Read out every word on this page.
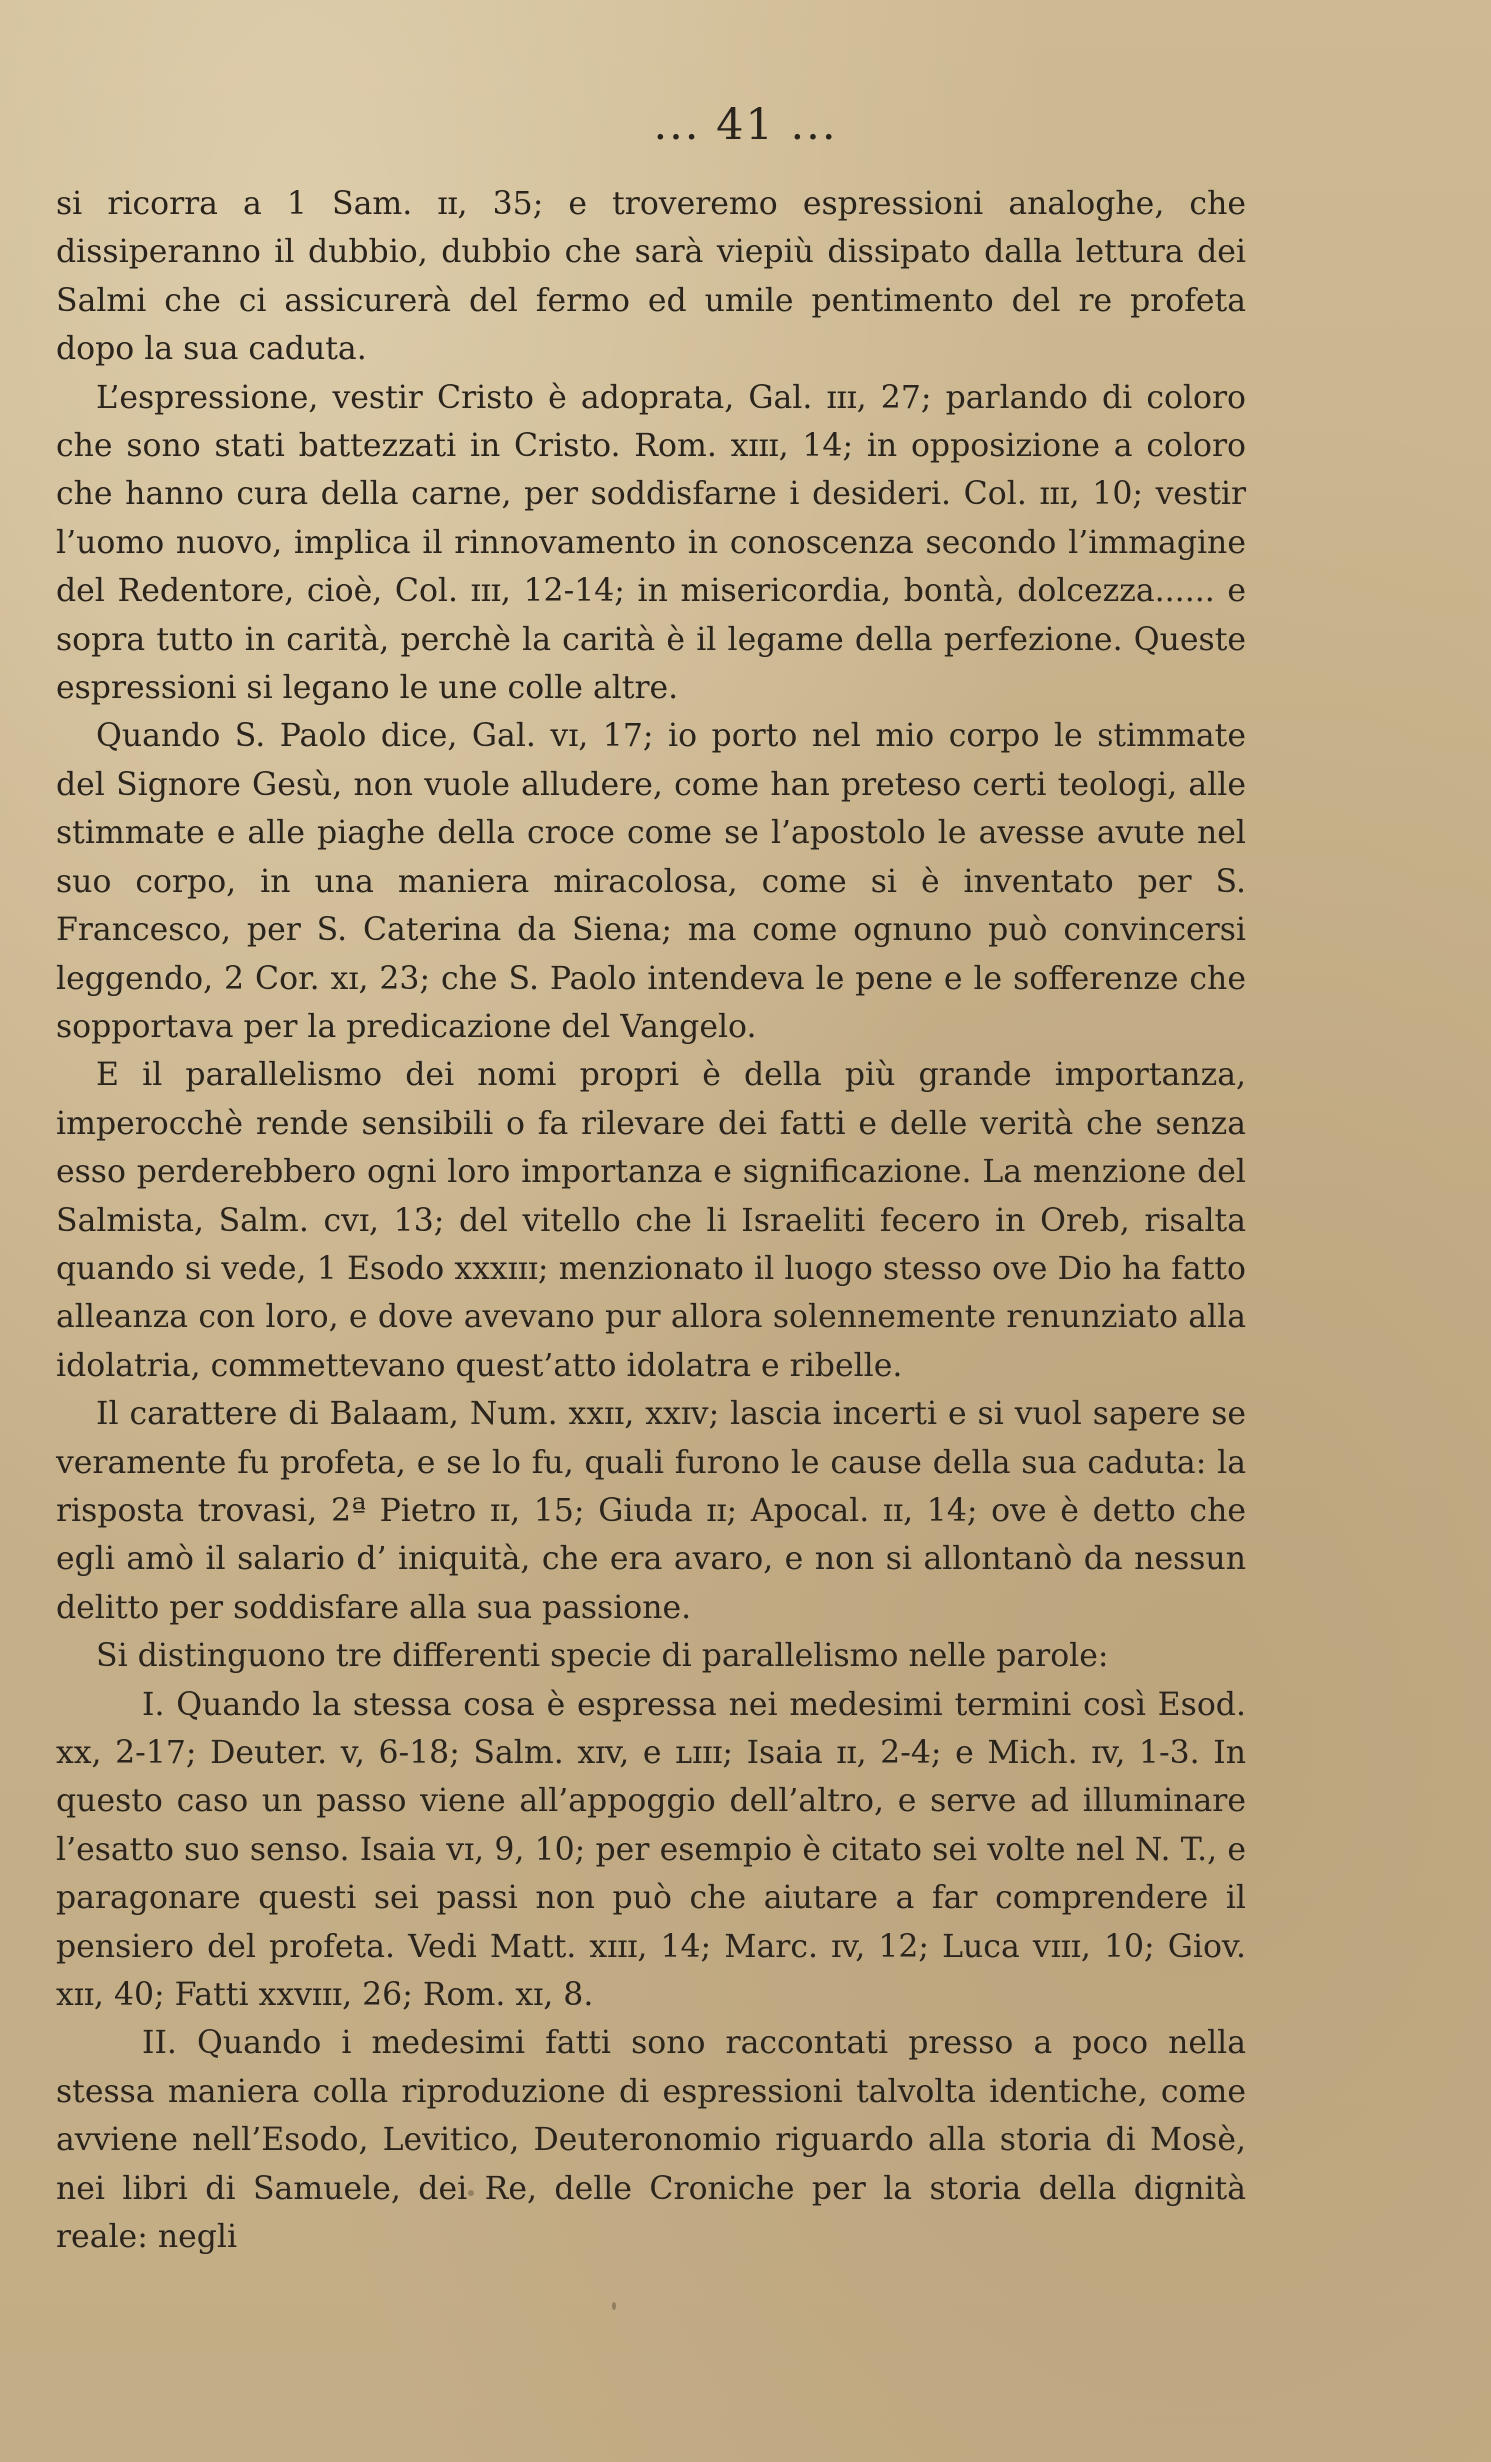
... 41 ...

si ricorra a 1 Sam. ɪɪ, 35; e troveremo espressioni analoghe, che dissiperanno il dubbio, dubbio che sarà viepiù dissipato dalla lettura dei Salmi che ci assicurerà del fermo ed umile pentimento del re profeta dopo la sua caduta.

L’espressione, vestir Cristo è adoprata, Gal. ɪɪɪ, 27; parlando di coloro che sono stati battezzati in Cristo. Rom. xɪɪɪ, 14; in opposizione a coloro che hanno cura della carne, per soddisfarne i desideri. Col. ɪɪɪ, 10; vestir l’uomo nuovo, implica il rinnovamento in conoscenza secondo l’immagine del Redentore, cioè, Col. ɪɪɪ, 12-14; in misericordia, bontà, dolcezza...... e sopra tutto in carità, perchè la carità è il legame della perfezione. Queste espressioni si legano le une colle altre.

Quando S. Paolo dice, Gal. vɪ, 17; io porto nel mio corpo le stimmate del Signore Gesù, non vuole alludere, come han preteso certi teologi, alle stimmate e alle piaghe della croce come se l’apostolo le avesse avute nel suo corpo, in una maniera miracolosa, come si è inventato per S. Francesco, per S. Caterina da Siena; ma come ognuno può convincersi leggendo, 2 Cor. xɪ, 23; che S. Paolo intendeva le pene e le sofferenze che sopportava per la predicazione del Vangelo.

E il parallelismo dei nomi propri è della più grande importanza, imperocchè rende sensibili o fa rilevare dei fatti e delle verità che senza esso perderebbero ogni loro importanza e significazione. La menzione del Salmista, Salm. cvɪ, 13; del vitello che li Israeliti fecero in Oreb, risalta quando si vede, 1 Esodo xxxɪɪɪ; menzionato il luogo stesso ove Dio ha fatto alleanza con loro, e dove avevano pur allora solennemente renunziato alla idolatria, commettevano quest’atto idolatra e ribelle.

Il carattere di Balaam, Num. xxɪɪ, xxɪv; lascia incerti e si vuol sapere se veramente fu profeta, e se lo fu, quali furono le cause della sua caduta: la risposta trovasi, 2ª Pietro ɪɪ, 15; Giuda ɪɪ; Apocal. ɪɪ, 14; ove è detto che egli amò il salario d’ iniquità, che era avaro, e non si allontanò da nessun delitto per soddisfare alla sua passione.

Si distinguono tre differenti specie di parallelismo nelle parole:

I. Quando la stessa cosa è espressa nei medesimi termini così Esod. xx, 2-17; Deuter. v, 6-18; Salm. xɪv, e ʟɪɪɪ; Isaia ɪɪ, 2-4; e Mich. ɪv, 1-3. In questo caso un passo viene all’appoggio dell’altro, e serve ad illuminare l’esatto suo senso. Isaia vɪ, 9, 10; per esempio è citato sei volte nel N. T., e paragonare questi sei passi non può che aiutare a far comprendere il pensiero del profeta. Vedi Matt. xɪɪɪ, 14; Marc. ɪv, 12; Luca vɪɪɪ, 10; Giov. xɪɪ, 40; Fatti xxvɪɪɪ, 26; Rom. xɪ, 8.

II. Quando i medesimi fatti sono raccontati presso a poco nella stessa maniera colla riproduzione di espressioni talvolta identiche, come avviene nell’Esodo, Levitico, Deuteronomio riguardo alla storia di Mosè, nei libri di Samuele, dei Re, delle Croniche per la storia della dignità reale: negli
